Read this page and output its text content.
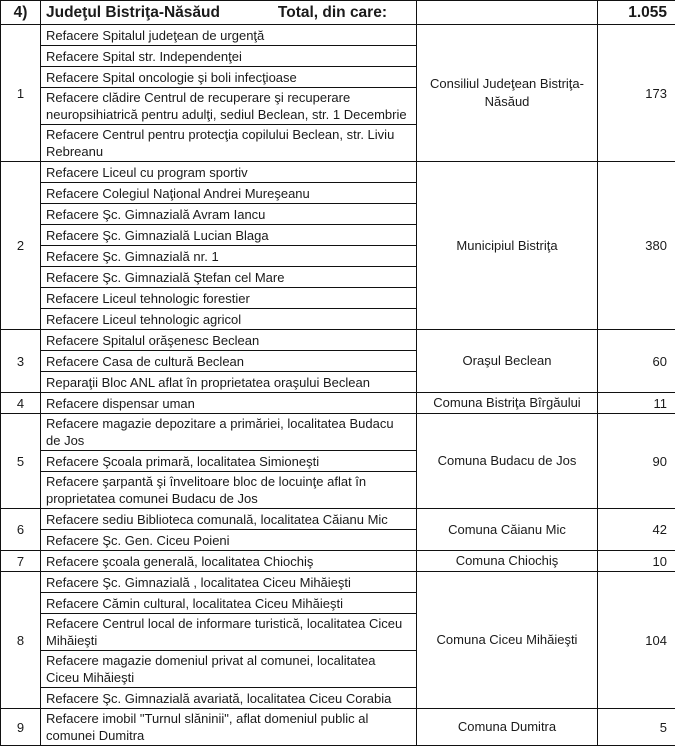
4)	Judeţul Bistriţa-Năsăud Total, din care:		1.055
1	Refacere Spitalul judeţean de urgenţă	Consiliul Judeţean Bistriţa-Năsăud	173
	Refacere Spital str. Independenţei		
	Refacere Spital oncologie şi boli infecţioase		
	Refacere clădire Centrul de recuperare şi recuperare neuropsihiatrică pentru adulţi, sediul Beclean, str. 1 Decembrie		
	Refacere Centrul pentru protecţia copilului Beclean, str. Liviu Rebreanu		
2	Refacere Liceul cu program sportiv	Municipiul Bistriţa	380
	Refacere Colegiul Naţional Andrei Mureşeanu		
	Refacere Şc. Gimnazială Avram Iancu		
	Refacere Şc. Gimnazială Lucian Blaga		
	Refacere Şc. Gimnazială nr. 1		
	Refacere Şc. Gimnazială Ştefan cel Mare		
	Refacere Liceul tehnologic forestier		
	Refacere Liceul tehnologic agricol		
3	Refacere Spitalul orăşenesc Beclean	Oraşul Beclean	60
	Refacere Casa de cultură Beclean		
	Reparaţii Bloc ANL aflat în proprietatea oraşului Beclean		
4	Refacere dispensar uman	Comuna Bistriţa Bîrgăului	11
5	Refacere magazie depozitare a primăriei, localitatea Budacu de Jos	Comuna Budacu de Jos	90
	Refacere Şcoala primară, localitatea Simioneşti		
	Refacere şarpantă şi învelitoare bloc de locuinţe aflat în proprietatea comunei Budacu de Jos		
6	Refacere sediu Biblioteca comunală, localitatea Căianu Mic	Comuna Căianu Mic	42
	Refacere Şc. Gen. Ciceu Poieni		
7	Refacere şcoala generală, localitatea Chiochiş	Comuna Chiochiş	10
8	Refacere Şc. Gimnazială , localitatea Ciceu Mihăieşti	Comuna Ciceu Mihăieşti	104
	Refacere Cămin cultural, localitatea Ciceu Mihăieşti		
	Refacere Centrul local de informare turistică, localitatea Ciceu Mihăieşti		
	Refacere magazie domeniul privat al comunei, localitatea Ciceu Mihăieşti		
	Refacere Şc. Gimnazială avariată, localitatea Ciceu Corabia		
9	Refacere imobil "Turnul slăninii", aflat domeniul public al comunei Dumitra	Comuna Dumitra	5
